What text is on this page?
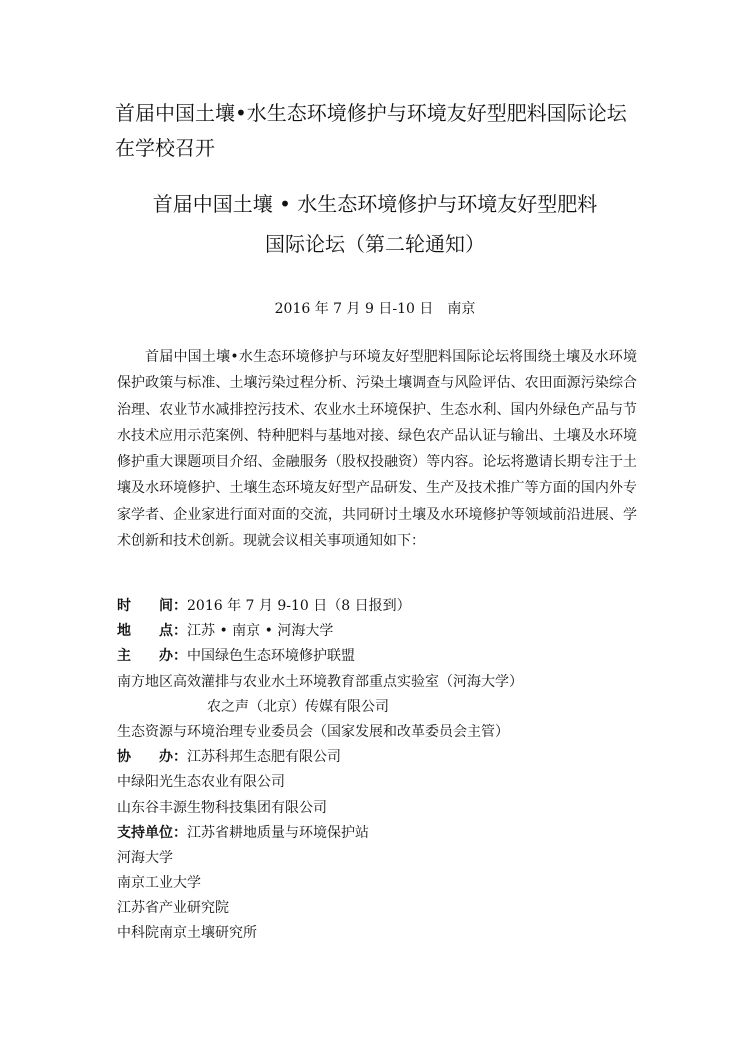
首届中国土壤•水生态环境修护与环境友好型肥料国际论坛在学校召开
首届中国土壤 • 水生态环境修护与环境友好型肥料
国际论坛（第二轮通知）
2016 年 7 月 9 日-10 日　南京

首届中国土壤•水生态环境修护与环境友好型肥料国际论坛将围绕土壤及水环境保护政策与标准、土壤污染过程分析、污染土壤调查与风险评估、农田面源污染综合治理、农业节水减排控污技术、农业水土环境保护、生态水利、国内外绿色产品与节水技术应用示范案例、特种肥料与基地对接、绿色农产品认证与输出、土壤及水环境修护重大课题项目介绍、金融服务（股权投融资）等内容。论坛将邀请长期专注于土壤及水环境修护、土壤生态环境友好型产品研发、生产及技术推广等方面的国内外专家学者、企业家进行面对面的交流，共同研讨土壤及水环境修护等领域前沿进展、学术创新和技术创新。现就会议相关事项通知如下：

时 间：2016 年 7 月 9-10 日（8 日报到）
地 点：江苏 • 南京 • 河海大学
主 办：中国绿色生态环境修护联盟
南方地区高效灌排与农业水土环境教育部重点实验室（河海大学）
农之声（北京）传媒有限公司
生态资源与环境治理专业委员会（国家发展和改革委员会主管）
协 办：江苏科邦生态肥有限公司
中绿阳光生态农业有限公司
山东谷丰源生物科技集团有限公司
支持单位：江苏省耕地质量与环境保护站
河海大学
南京工业大学
江苏省产业研究院
中科院南京土壤研究所
